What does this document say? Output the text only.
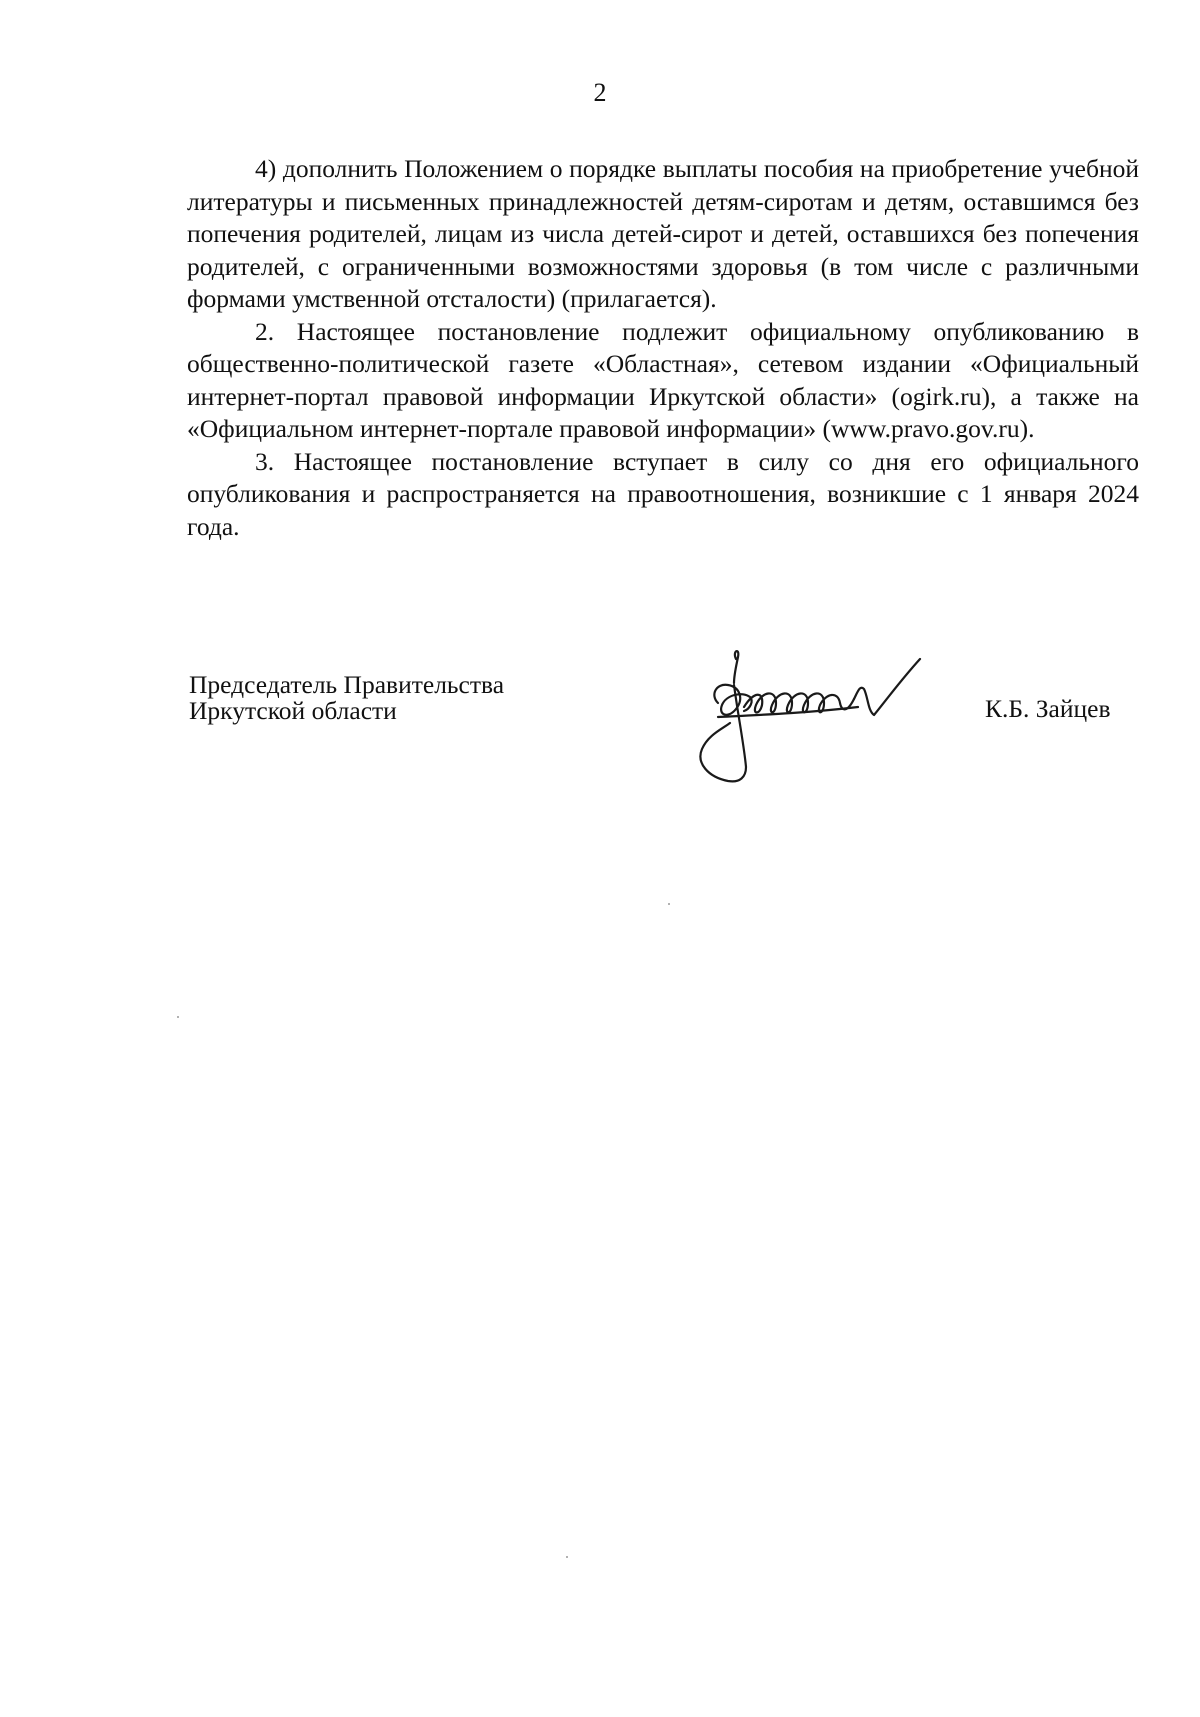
2

4) дополнить Положением о порядке выплаты пособия на приобретение учебной литературы и письменных принадлежностей детям-сиротам и детям, оставшимся без попечения родителей, лицам из числа детей-сирот и детей, оставшихся без попечения родителей, с ограниченными возможностями здоровья (в том числе с различными формами умственной отсталости) (прилагается).

2. Настоящее постановление подлежит официальному опубликованию в общественно-политической газете «Областная», сетевом издании «Официальный интернет-портал правовой информации Иркутской области» (ogirk.ru), а также на «Официальном интернет-портале правовой информации» (www.pravo.gov.ru).

3. Настоящее постановление вступает в силу со дня его официального опубликования и распространяется на правоотношения, возникшие с 1 января 2024 года.

Председатель Правительства
Иркутской области	К.Б. Зайцев
